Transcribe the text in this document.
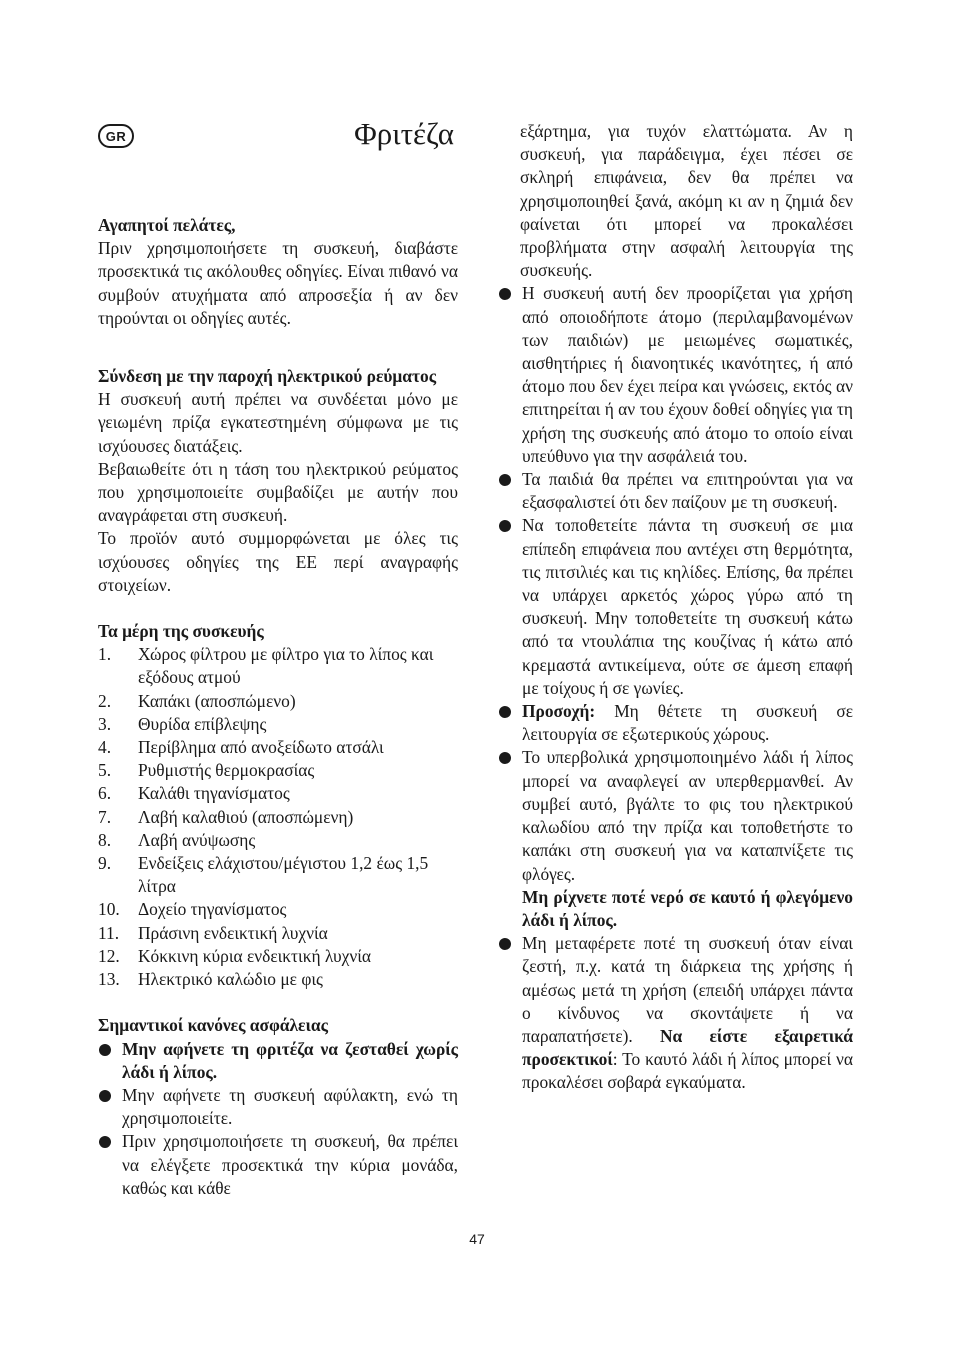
GR	Φριτέζα

Αγαπητοί πελάτες,

Πριν χρησιμοποιήσετε τη συσκευή, διαβάστε προσεκτικά τις ακόλουθες οδηγίες. Είναι πιθανό να συμβούν ατυχήματα από απροσεξία ή αν δεν τηρούνται οι οδηγίες αυτές.

Σύνδεση με την παροχή ηλεκτρικού ρεύματος

Η συσκευή αυτή πρέπει να συνδέεται μόνο με γειωμένη πρίζα εγκατεστημένη σύμφωνα με τις ισχύουσες διατάξεις.

Βεβαιωθείτε ότι η τάση του ηλεκτρικού ρεύματος που χρησιμοποιείτε συμβαδίζει με αυτήν που αναγράφεται στη συσκευή.

Το προϊόν αυτό συμμορφώνεται με όλες τις ισχύουσες οδηγίες της ΕΕ περί αναγραφής στοιχείων.

Τα μέρη της συσκευής

1.	Χώρος φίλτρου με φίλτρο για το λίπος και εξόδους ατμού
2.	Καπάκι (αποσπώμενο)
3.	Θυρίδα επίβλεψης
4.	Περίβλημα από ανοξείδωτο ατσάλι
5.	Ρυθμιστής θερμοκρασίας
6.	Καλάθι τηγανίσματος
7.	Λαβή καλαθιού (αποσπώμενη)
8.	Λαβή ανύψωσης
9.	Ενδείξεις ελάχιστου/μέγιστου 1,2 έως 1,5 λίτρα
10.	Δοχείο τηγανίσματος
11.	Πράσινη ενδεικτική λυχνία
12.	Κόκκινη κύρια ενδεικτική λυχνία
13.	Ηλεκτρικό καλώδιο με φις

Σημαντικοί κανόνες ασφάλειας

Μην αφήνετε τη φριτέζα να ζεσταθεί χωρίς λάδι ή λίπος.
Μην αφήνετε τη συσκευή αφύλακτη, ενώ τη χρησιμοποιείτε.
Πριν χρησιμοποιήσετε τη συσκευή, θα πρέπει να ελέγξετε προσεκτικά την κύρια μονάδα, καθώς και κάθε

εξάρτημα, για τυχόν ελαττώματα. Αν η συσκευή, για παράδειγμα, έχει πέσει σε σκληρή επιφάνεια, δεν θα πρέπει να χρησιμοποιηθεί ξανά, ακόμη κι αν η ζημιά δεν φαίνεται ότι μπορεί να προκαλέσει προβλήματα στην ασφαλή λειτουργία της συσκευής.

Η συσκευή αυτή δεν προορίζεται για χρήση από οποιοδήποτε άτομο (περιλαμβανομένων των παιδιών) με μειωμένες σωματικές, αισθητήριες ή διανοητικές ικανότητες, ή από άτομο που δεν έχει πείρα και γνώσεις, εκτός αν επιτηρείται ή αν του έχουν δοθεί οδηγίες για τη χρήση της συσκευής από άτομο το οποίο είναι υπεύθυνο για την ασφάλειά του.
Τα παιδιά θα πρέπει να επιτηρούνται για να εξασφαλιστεί ότι δεν παίζουν με τη συσκευή.
Να τοποθετείτε πάντα τη συσκευή σε μια επίπεδη επιφάνεια που αντέχει στη θερμότητα, τις πιτσιλιές και τις κηλίδες. Επίσης, θα πρέπει να υπάρχει αρκετός χώρος γύρω από τη συσκευή. Μην τοποθετείτε τη συσκευή κάτω από τα ντουλάπια της κουζίνας ή κάτω από κρεμαστά αντικείμενα, ούτε σε άμεση επαφή με τοίχους ή σε γωνίες.
Προσοχή: Μη θέτετε τη συσκευή σε λειτουργία σε εξωτερικούς χώρους.
Το υπερβολικά χρησιμοποιημένο λάδι ή λίπος μπορεί να αναφλεγεί αν υπερθερμανθεί. Αν συμβεί αυτό, βγάλτε το φις του ηλεκτρικού καλωδίου από την πρίζα και τοποθετήστε το καπάκι στη συσκευή για να καταπνίξετε τις φλόγες.
Μη ρίχνετε ποτέ νερό σε καυτό ή φλεγόμενο λάδι ή λίπος.
Μη μεταφέρετε ποτέ τη συσκευή όταν είναι ζεστή, π.χ. κατά τη διάρκεια της χρήσης ή αμέσως μετά τη χρήση (επειδή υπάρχει πάντα ο κίνδυνος να σκοντάψετε ή να παραπατήσετε). Να είστε εξαιρετικά προσεκτικοί: Το καυτό λάδι ή λίπος μπορεί να προκαλέσει σοβαρά εγκαύματα.
47
